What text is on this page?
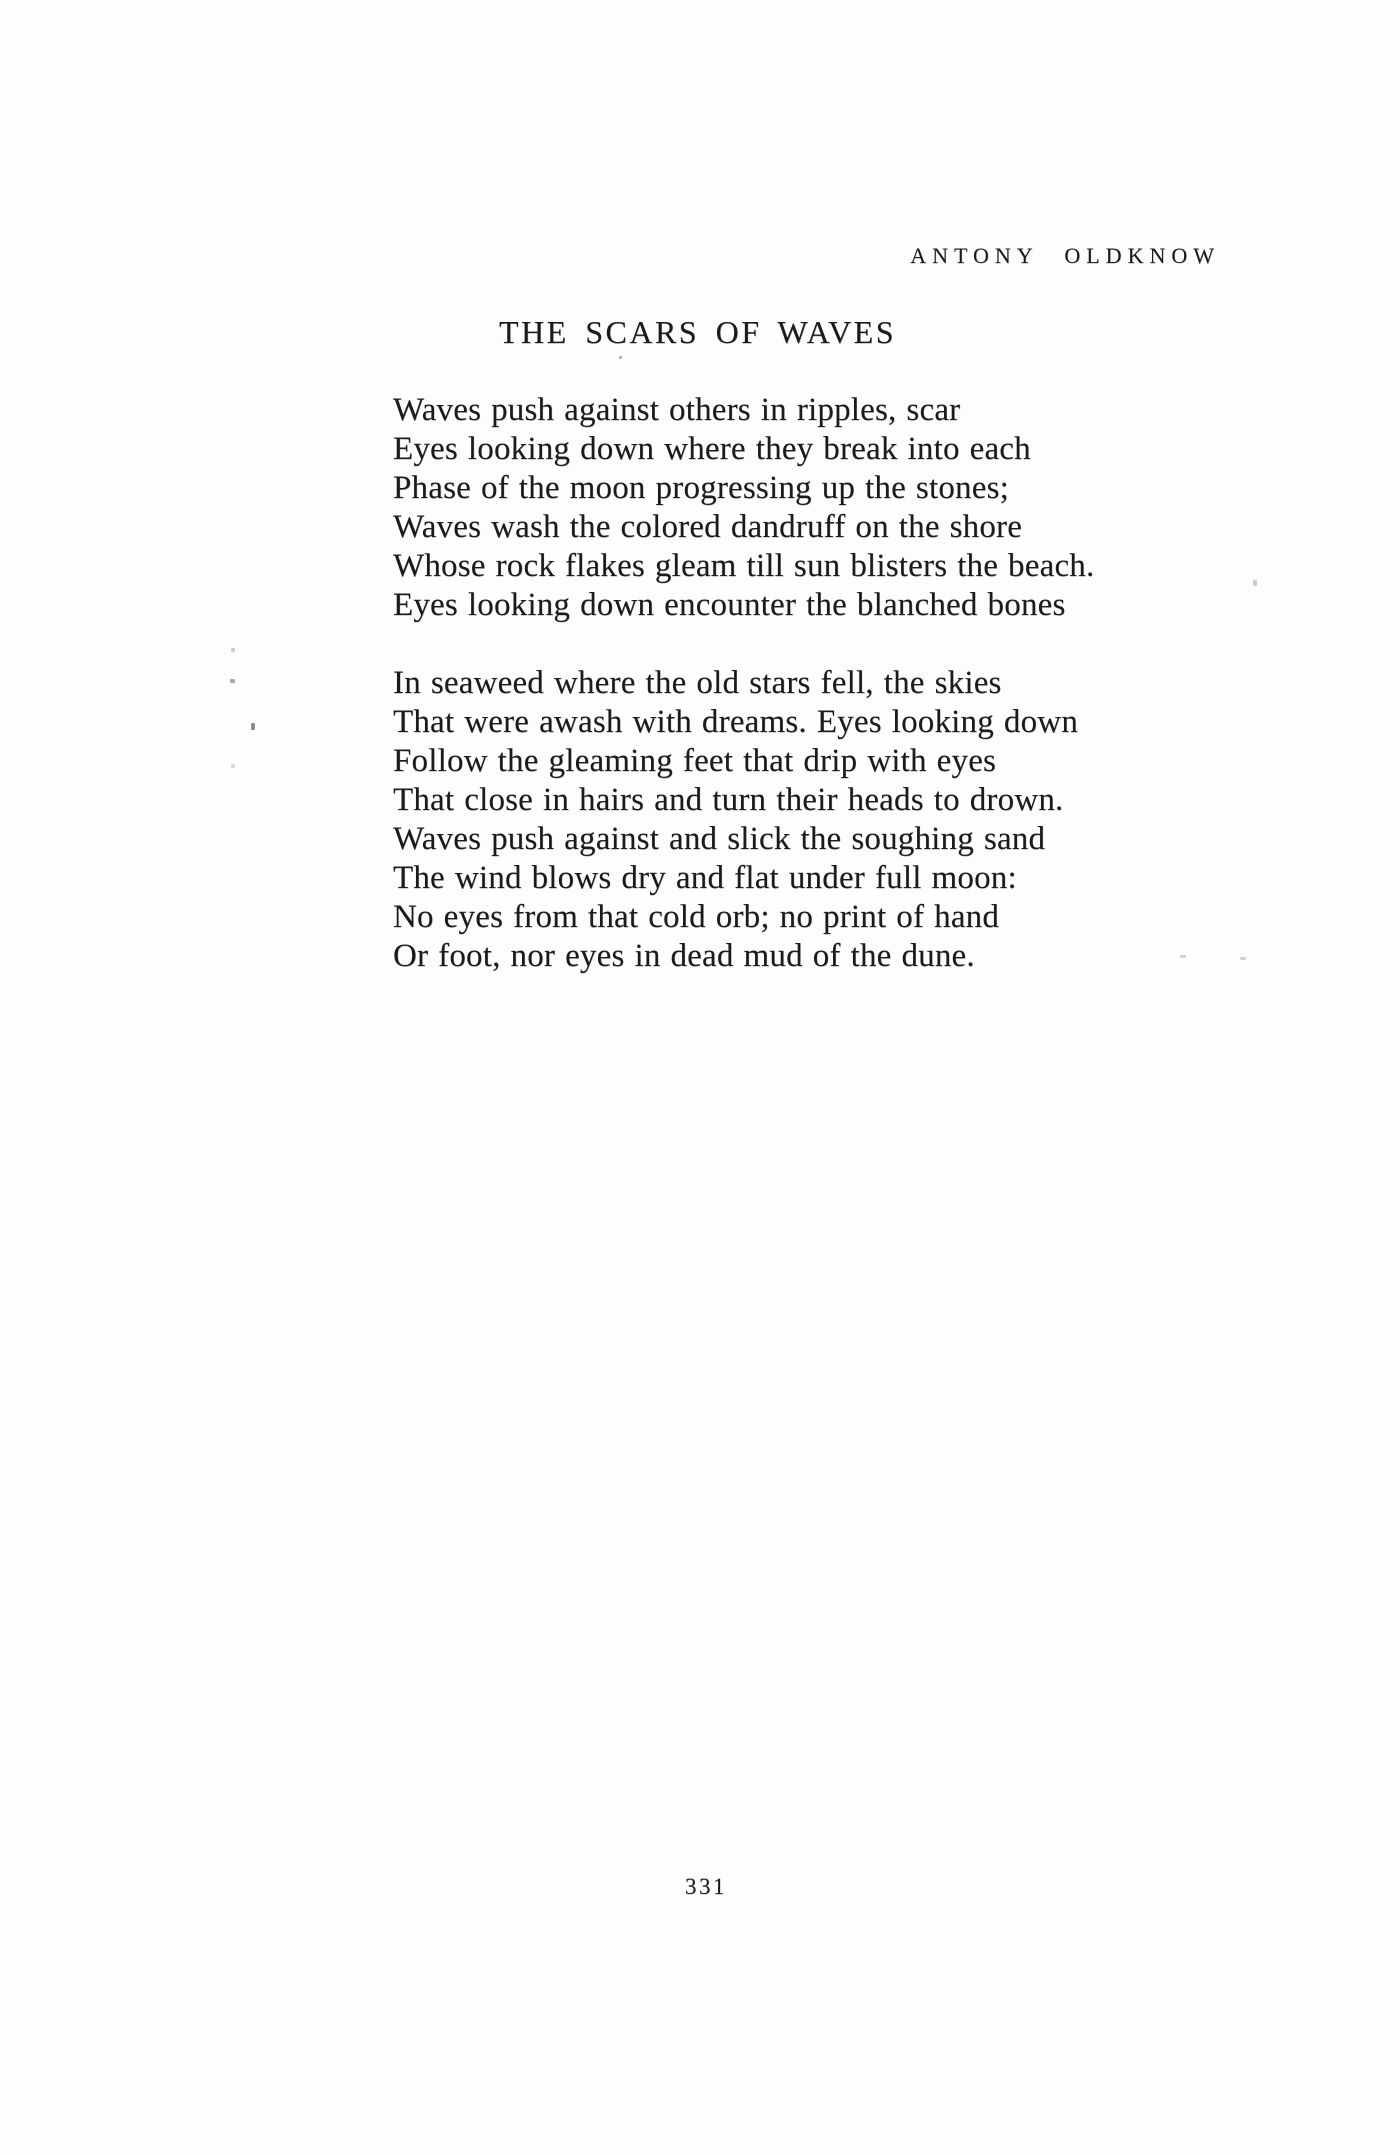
ANTONY OLDKNOW
THE SCARS OF WAVES
Waves push against others in ripples, scar
Eyes looking down where they break into each
Phase of the moon progressing up the stones;
Waves wash the colored dandruff on the shore
Whose rock flakes gleam till sun blisters the beach.
Eyes looking down encounter the blanched bones
In seaweed where the old stars fell, the skies
That were awash with dreams. Eyes looking down
Follow the gleaming feet that drip with eyes
That close in hairs and turn their heads to drown.
Waves push against and slick the soughing sand
The wind blows dry and flat under full moon:
No eyes from that cold orb; no print of hand
Or foot, nor eyes in dead mud of the dune.
331
